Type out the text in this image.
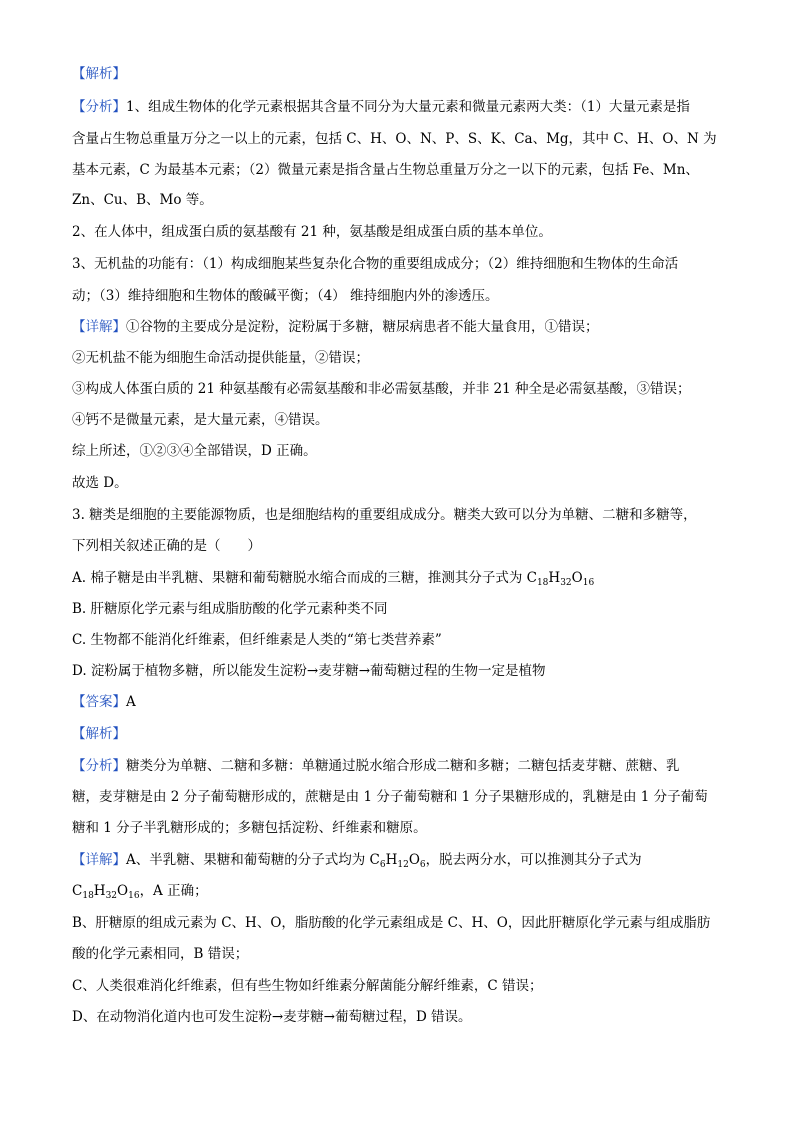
【解析】
【分析】1、组成生物体的化学元素根据其含量不同分为大量元素和微量元素两大类：（1）大量元素是指
含量占生物总重量万分之一以上的元素，包括 C、H、O、N、P、S、K、Ca、Mg，其中 C、H、O、N 为
基本元素，C 为最基本元素；（2）微量元素是指含量占生物总重量万分之一以下的元素，包括 Fe、Mn、
Zn、Cu、B、Mo 等。
2、在人体中，组成蛋白质的氨基酸有 21 种，氨基酸是组成蛋白质的基本单位。
3、无机盐的功能有：（1）构成细胞某些复杂化合物的重要组成成分；（2）维持细胞和生物体的生命活
动；（3）维持细胞和生物体的酸碱平衡；（4） 维持细胞内外的渗透压。
【详解】①谷物的主要成分是淀粉，淀粉属于多糖，糖尿病患者不能大量食用，①错误；
②无机盐不能为细胞生命活动提供能量，②错误；
③构成人体蛋白质的 21 种氨基酸有必需氨基酸和非必需氨基酸，并非 21 种全是必需氨基酸，③错误；
④钙不是微量元素，是大量元素，④错误。
综上所述，①②③④全部错误，D 正确。
故选 D。
3. 糖类是细胞的主要能源物质，也是细胞结构的重要组成成分。糖类大致可以分为单糖、二糖和多糖等，
下列相关叙述正确的是（　　）
A. 棉子糖是由半乳糖、果糖和葡萄糖脱水缩合而成的三糖，推测其分子式为 $C_{18}H_{32}O_{16}$
B. 肝糖原化学元素与组成脂肪酸的化学元素种类不同
C. 生物都不能消化纤维素，但纤维素是人类的“第七类营养素”
D. 淀粉属于植物多糖，所以能发生淀粉→麦芽糖→葡萄糖过程的生物一定是植物
【答案】A
【解析】
【分析】糖类分为单糖、二糖和多糖：单糖通过脱水缩合形成二糖和多糖；二糖包括麦芽糖、蔗糖、乳
糖，麦芽糖是由 2 分子葡萄糖形成的，蔗糖是由 1 分子葡萄糖和 1 分子果糖形成的，乳糖是由 1 分子葡萄
糖和 1 分子半乳糖形成的；多糖包括淀粉、纤维素和糖原。
【详解】A、半乳糖、果糖和葡萄糖的分子式均为 $C_6H_{12}O_6$，脱去两分水，可以推测其分子式为
$C_{18}H_{32}O_{16}$，A 正确；
B、肝糖原的组成元素为 C、H、O，脂肪酸的化学元素组成是 C、H、O，因此肝糖原化学元素与组成脂肪
酸的化学元素相同，B 错误；
C、人类很难消化纤维素，但有些生物如纤维素分解菌能分解纤维素，C 错误；
D、在动物消化道内也可发生淀粉→麦芽糖→葡萄糖过程，D 错误。
